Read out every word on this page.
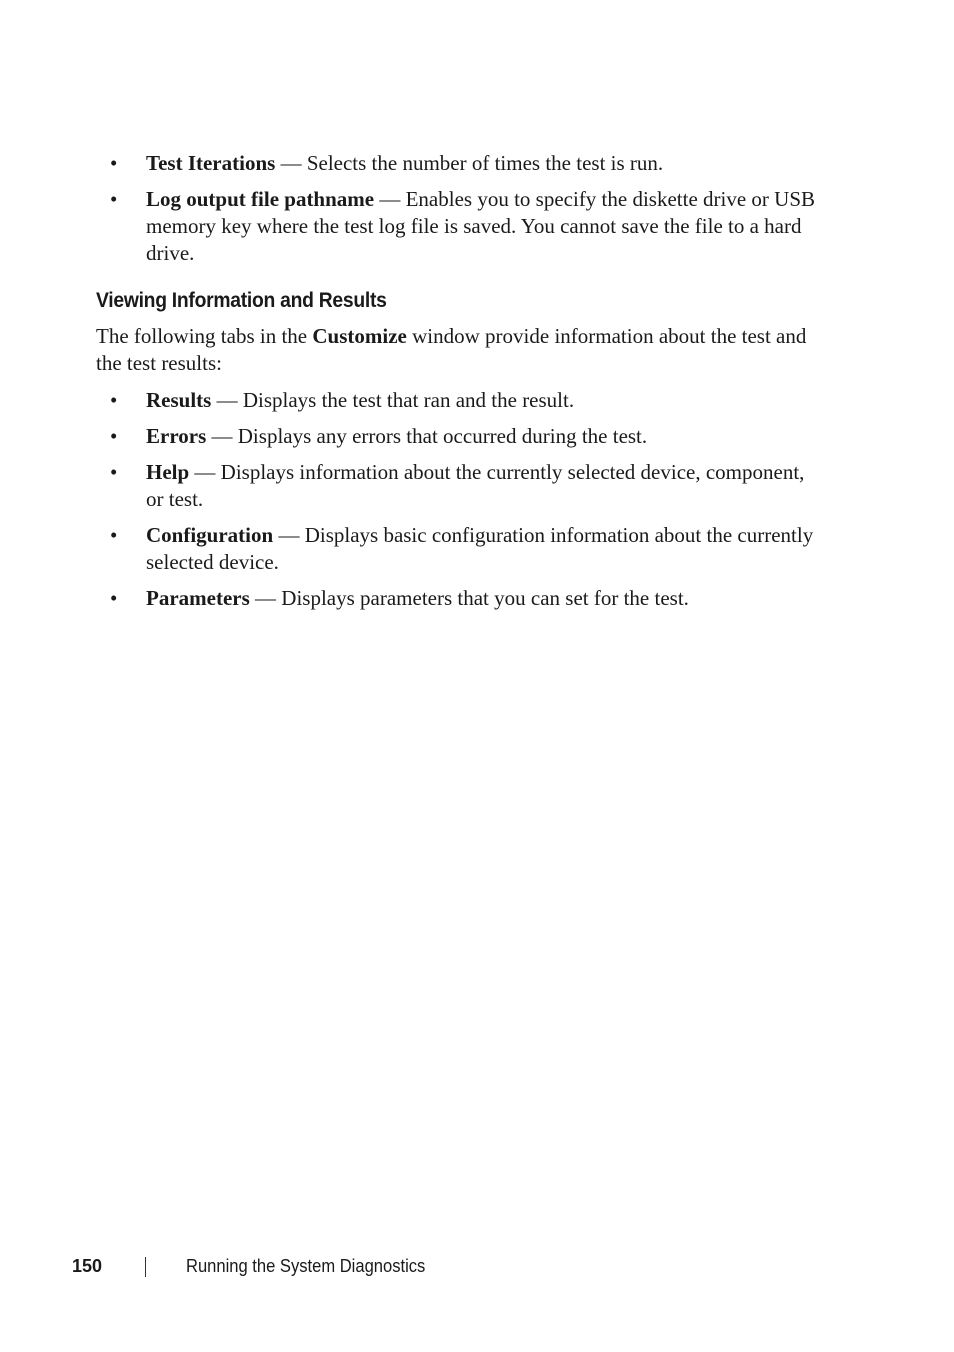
• Test Iterations — Selects the number of times the test is run.
• Log output file pathname — Enables you to specify the diskette drive or USB memory key where the test log file is saved. You cannot save the file to a hard drive.
Viewing Information and Results

The following tabs in the Customize window provide information about the test and the test results:

• Results — Displays the test that ran and the result.
• Errors — Displays any errors that occurred during the test.
• Help — Displays information about the currently selected device, component, or test.
• Configuration — Displays basic configuration information about the currently selected device.
• Parameters — Displays parameters that you can set for the test.
150	Running the System Diagnostics
